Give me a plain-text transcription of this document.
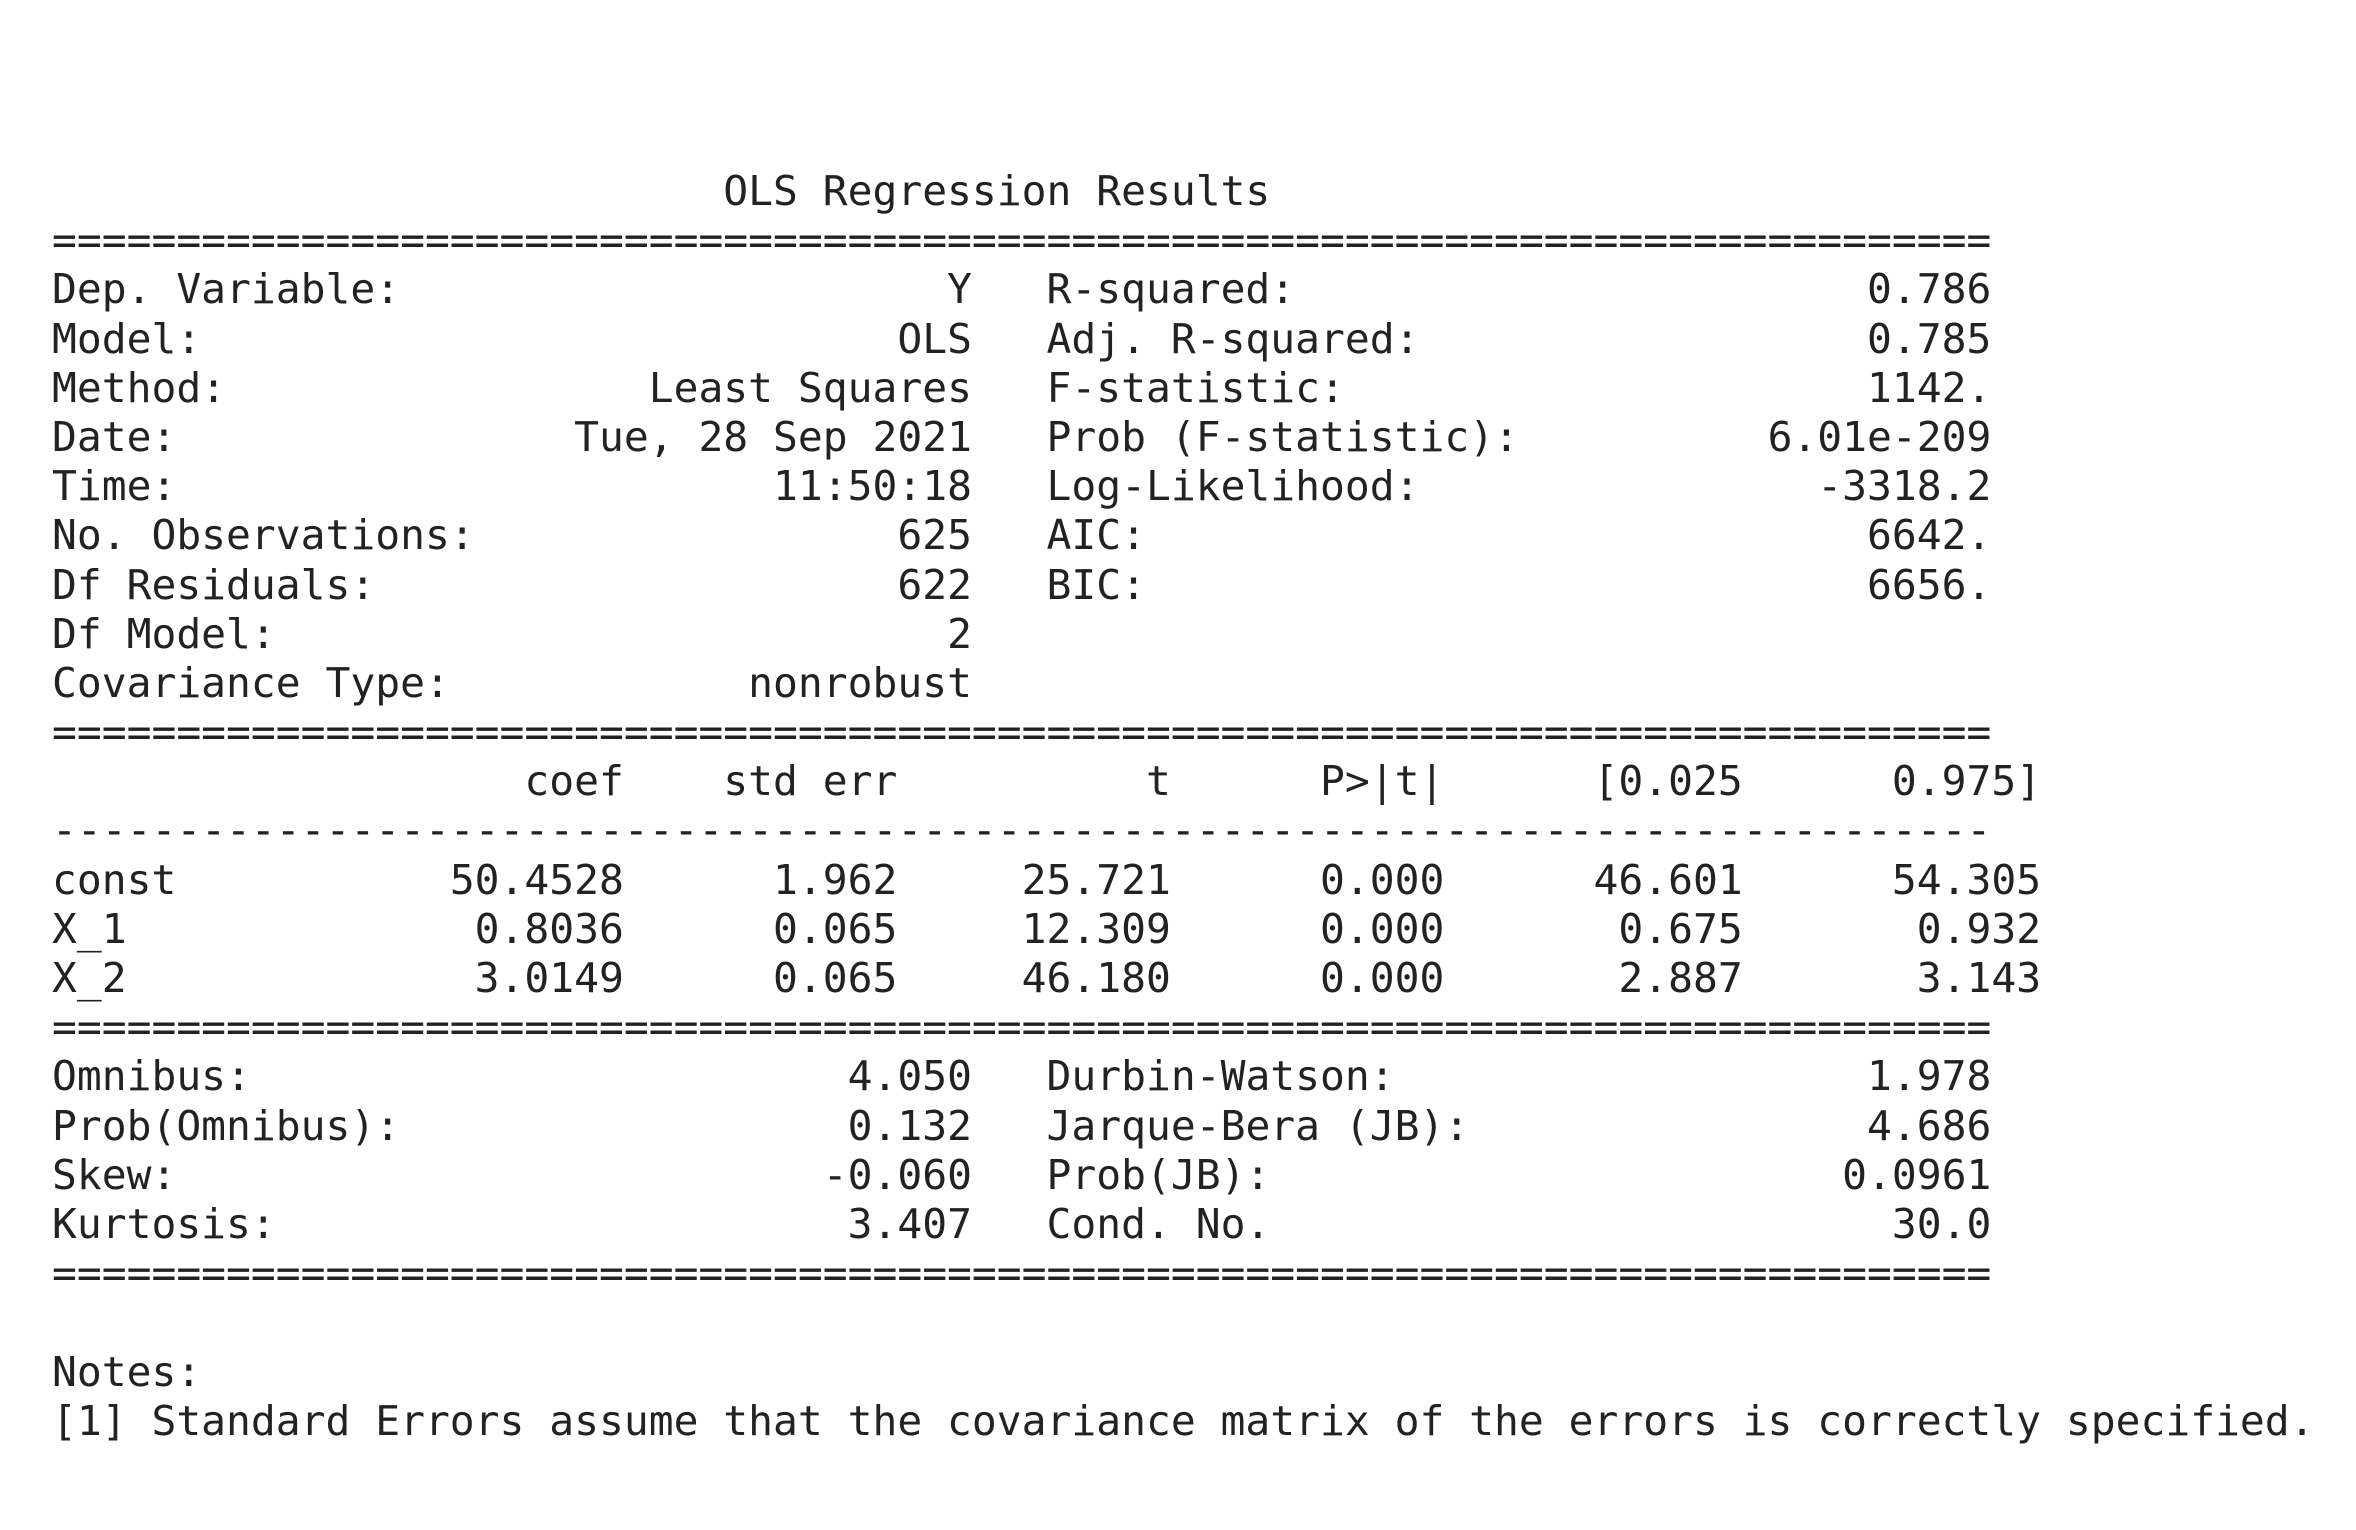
OLS Regression Results
==============================================================================
Dep. Variable:                      Y R-squared:                       0.786
Model:                            OLS Adj. R-squared:                  0.785
Method:                 Least Squares F-statistic:                     1142.
Date:                Tue, 28 Sep 2021 Prob (F-statistic):          6.01e-209
Time:                        11:50:18 Log-Likelihood:                -3318.2
No. Observations:                 625 AIC:                             6642.
Df Residuals:                     622 BIC:                             6656.
Df Model:                           2
Covariance Type:            nonrobust
==============================================================================
coef    std err          t      P>|t|      [0.025      0.975]
------------------------------------------------------------------------------
const           50.4528      1.962     25.721      0.000      46.601      54.305
X_1              0.8036      0.065     12.309      0.000       0.675       0.932
X_2              3.0149      0.065     46.180      0.000       2.887       3.143
==============================================================================
Omnibus:                        4.050 Durbin-Watson:                   1.978
Prob(Omnibus):                  0.132 Jarque-Bera (JB):                4.686
Skew:                          -0.060 Prob(JB):                       0.0961
Kurtosis:                       3.407 Cond. No.                         30.0
==============================================================================
Notes:
[1] Standard Errors assume that the covariance matrix of the errors is correctly specified.
